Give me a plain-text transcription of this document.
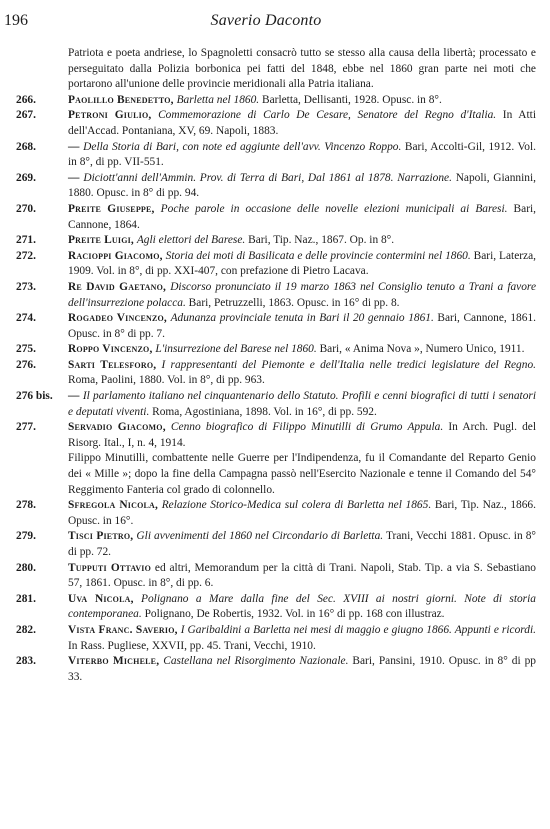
196	Saverio Daconto

Patriota e poeta andriese, lo Spagnoletti consacrò tutto se stesso alla causa della libertà; processato e perseguitato dalla Polizia borbonica pei fatti del 1848, ebbe nel 1860 gran parte nei moti che portarono all'unione delle provincie meridionali alla Patria italiana.

266.	Paolillo Benedetto, Barletta nel 1860. Barletta, Dellisanti, 1928. Opusc. in 8°.
267.	Petroni Giulio, Commemorazione di Carlo De Cesare, Senatore del Regno d'Italia. In Atti dell'Accad. Pontaniana, XV, 69. Napoli, 1883.
268.	— Della Storia di Bari, con note ed aggiunte dell'avv. Vincenzo Roppo. Bari, Accolti-Gil, 1912. Vol. in 8°, di pp. VII-551.
269.	— Diciott'anni dell'Ammin. Prov. di Terra di Bari, Dal 1861 al 1878. Narrazione. Napoli, Giannini, 1880. Opusc. in 8° di pp. 94.
270.	Preite Giuseppe, Poche parole in occasione delle novelle elezioni municipali ai Baresi. Bari, Cannone, 1864.
271.	Preite Luigi, Agli elettori del Barese. Bari, Tip. Naz., 1867. Op. in 8°.
272.	Racioppi Giacomo, Storia dei moti di Basilicata e delle provincie contermini nel 1860. Bari, Laterza, 1909. Vol. in 8°, di pp. XXI-407, con prefazione di Pietro Lacava.
273.	Re David Gaetano, Discorso pronunciato il 19 marzo 1863 nel Consiglio tenuto a Trani a favore dell'insurrezione polacca. Bari, Petruzzelli, 1863. Opusc. in 16° di pp. 8.
274.	Rogadeo Vincenzo, Adunanza provinciale tenuta in Bari il 20 gennaio 1861. Bari, Cannone, 1861. Opusc. in 8° di pp. 7.
275.	Roppo Vincenzo, L'insurrezione del Barese nel 1860. Bari, « Anima Nova », Numero Unico, 1911.
276.	Sarti Telesforo, I rappresentanti del Piemonte e dell'Italia nelle tredici legislature del Regno. Roma, Paolini, 1880. Vol. in 8°, di pp. 963.
276 bis.	— Il parlamento italiano nel cinquantenario dello Statuto. Profili e cenni biografici di tutti i senatori e deputati viventi. Roma, Agostiniana, 1898. Vol. in 16°, di pp. 592.
277.	Servadio Giacomo, Cenno biografico di Filippo Minutilli di Grumo Appula. In Arch. Pugl. del Risorg. Ital., I, n. 4, 1914.
Filippo Minutilli, combattente nelle Guerre per l'Indipendenza, fu il Comandante del Reparto Genio dei « Mille »; dopo la fine della Campagna passò nell'Esercito Nazionale e tenne il Comando del 54° Reggimento Fanteria col grado di colonnello.
278.	Sfregola Nicola, Relazione Storico-Medica sul colera di Barletta nel 1865. Bari, Tip. Naz., 1866. Opusc. in 16°.
279.	Tisci Pietro, Gli avvenimenti del 1860 nel Circondario di Barletta. Trani, Vecchi 1881. Opusc. in 8° di pp. 72.
280.	Tupputi Ottavio ed altri, Memorandum per la città di Trani. Napoli, Stab. Tip. a via S. Sebastiano 57, 1861. Opusc. in 8°, di pp. 6.
281.	Uva Nicola, Polignano a Mare dalla fine del Sec. XVIII ai nostri giorni. Note di storia contemporanea. Polignano, De Robertis, 1932. Vol. in 16° di pp. 168 con illustraz.
282.	Vista Franc. Saverio, I Garibaldini a Barletta nei mesi di maggio e giugno 1866. Appunti e ricordi. In Rass. Pugliese, XXVII, pp. 45. Trani, Vecchi, 1910.
283.	Viterbo Michele, Castellana nel Risorgimento Nazionale. Bari, Pansini, 1910. Opusc. in 8° di pp 33.
